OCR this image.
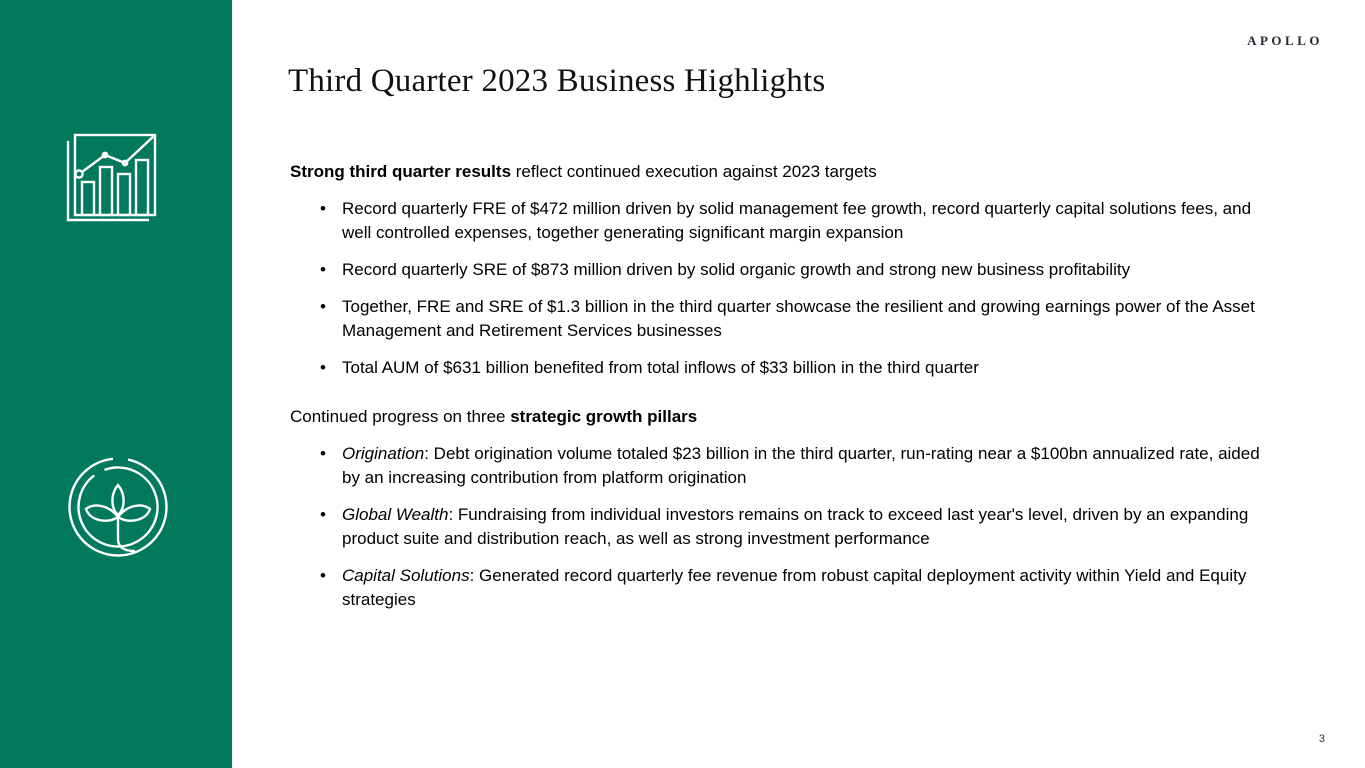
APOLLO
Third Quarter 2023 Business Highlights

Strong third quarter results reflect continued execution against 2023 targets

• Record quarterly FRE of $472 million driven by solid management fee growth, record quarterly capital solutions fees, and well controlled expenses, together generating significant margin expansion
• Record quarterly SRE of $873 million driven by solid organic growth and strong new business profitability
• Together, FRE and SRE of $1.3 billion in the third quarter showcase the resilient and growing earnings power of the Asset Management and Retirement Services businesses
• Total AUM of $631 billion benefited from total inflows of $33 billion in the third quarter

Continued progress on three strategic growth pillars

• Origination: Debt origination volume totaled $23 billion in the third quarter, run-rating near a $100bn annualized rate, aided by an increasing contribution from platform origination
• Global Wealth: Fundraising from individual investors remains on track to exceed last year's level, driven by an expanding product suite and distribution reach, as well as strong investment performance
• Capital Solutions: Generated record quarterly fee revenue from robust capital deployment activity within Yield and Equity strategies
3
